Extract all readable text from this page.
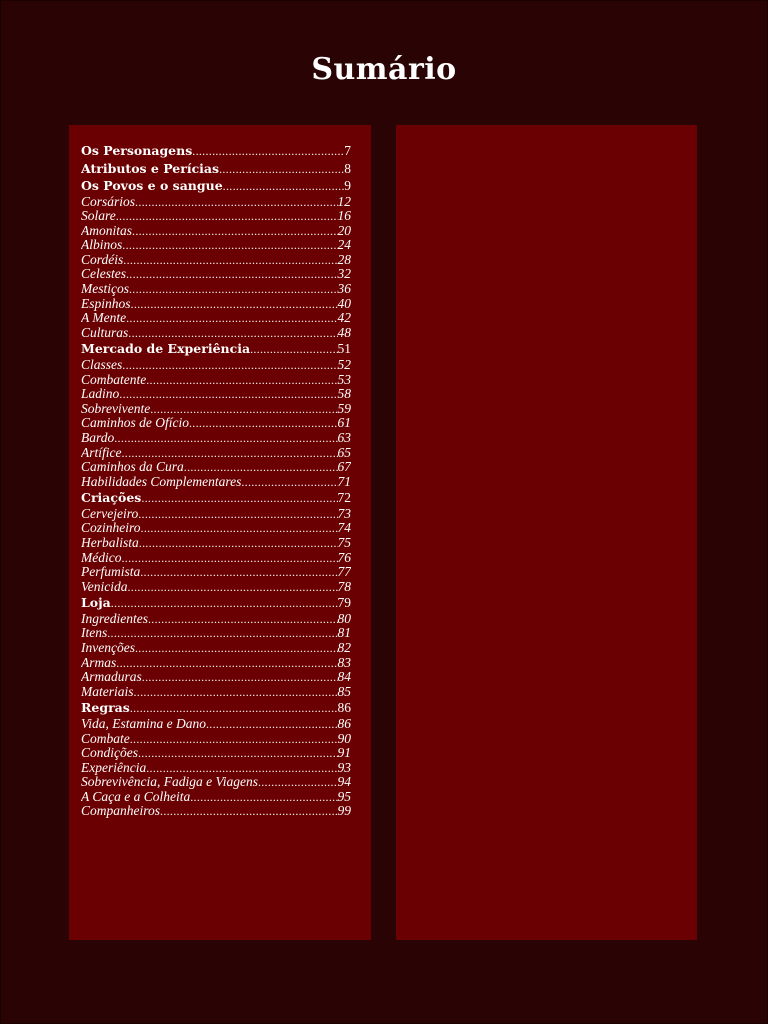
Sumário
Os Personagens .....	7
Atributos e Perícias .....	8
Os Povos e o sangue .....	9
Corsários .....	12
Solare .....	16
Amonitas .....	20
Albinos .....	24
Cordéis .....	28
Celestes .....	32
Mestiços .....	36
Espinhos .....	40
A Mente .....	42
Culturas .....	48
Mercado de Experiência .....	51
Classes .....	52
Combatente .....	53
Ladino .....	58
Sobrevivente .....	59
Caminhos de Ofício .....	61
Bardo .....	63
Artífice .....	65
Caminhos da Cura .....	67
Habilidades Complementares .....	71
Criações .....	72
Cervejeiro .....	73
Cozinheiro .....	74
Herbalista .....	75
Médico .....	76
Perfumista .....	77
Venicida .....	78
Loja .....	79
Ingredientes .....	80
Itens .....	81
Invenções .....	82
Armas .....	83
Armaduras .....	84
Materiais .....	85
Regras .....	86
Vida, Estamina e Dano .....	86
Combate .....	90
Condições .....	91
Experiência .....	93
Sobrevivência, Fadiga e Viagens .....	94
A Caça e a Colheita .....	95
Companheiros .....	99
